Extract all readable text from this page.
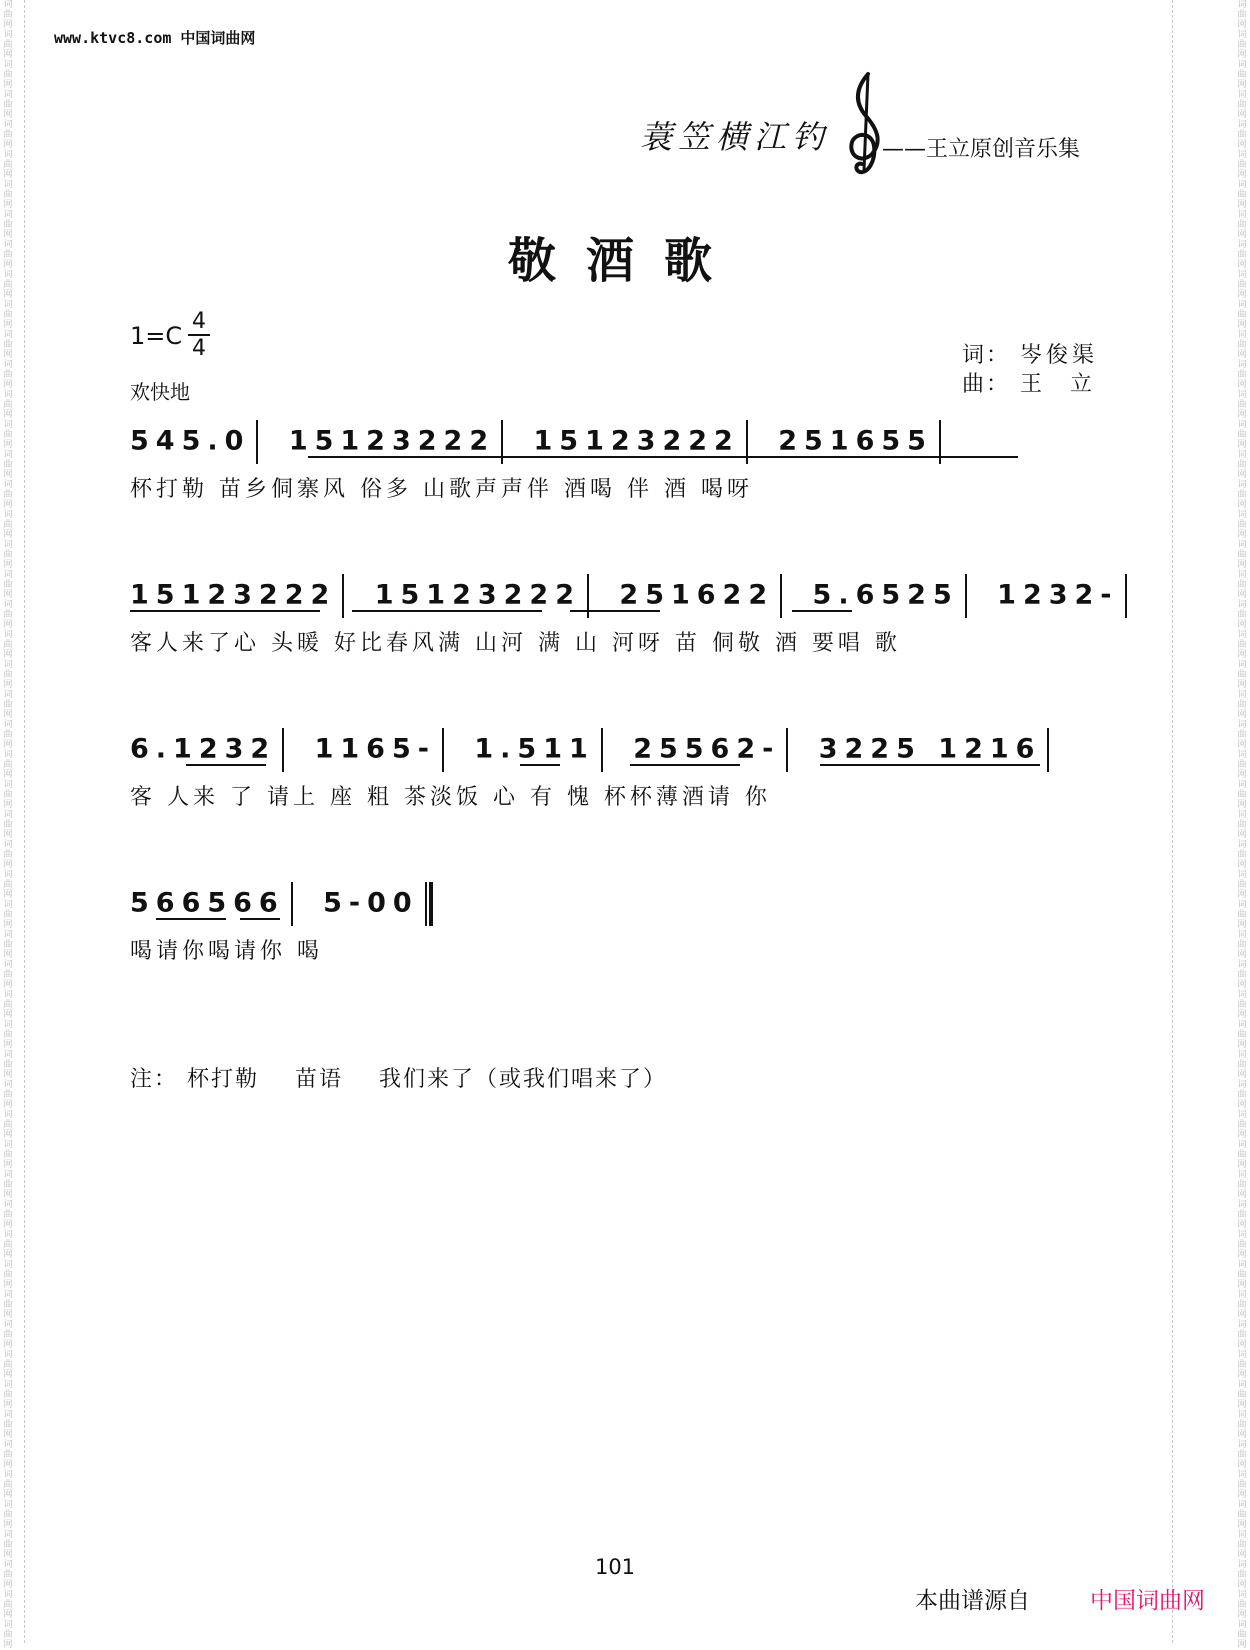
词曲网词曲网词曲网词曲网词曲网词曲网词曲网词曲网词曲网词曲网词曲网词曲网词曲网词曲网词曲网词曲网词曲网词曲网词曲网词曲网词曲网词曲网词曲网词曲网词曲网词曲网词曲网词曲网词曲网词曲网词曲网词曲网词曲网词曲网词曲网词曲网词曲网词曲网词曲网词曲网词曲网词曲网词曲网词曲网词曲网词曲网词曲网词曲网词曲网词曲网词曲网词曲网词曲网词曲网词曲网
词曲网词曲网词曲网词曲网词曲网词曲网词曲网词曲网词曲网词曲网词曲网词曲网词曲网词曲网词曲网词曲网词曲网词曲网词曲网词曲网词曲网词曲网词曲网词曲网词曲网词曲网词曲网词曲网词曲网词曲网词曲网词曲网词曲网词曲网词曲网词曲网词曲网词曲网词曲网词曲网词曲网词曲网词曲网词曲网词曲网词曲网词曲网词曲网词曲网词曲网词曲网词曲网词曲网词曲网词曲网
www.ktvc8.com 中国词曲网
蓑笠横江钓 ——王立原创音乐集
敬酒歌
1=C
4
4
欢快地
词： 岑俊渠
曲： 王立
545.0 15123222 15123222 251655
杯打勒 苗乡侗寨风 俗多 山歌声声伴 酒喝 伴 酒 喝呀
15123222 15123222 251622 5.6525 1232-
客人来了心 头暖 好比春风满 山河 满 山 河呀 苗 侗敬 酒 要唱 歌
6.1232 1165- 1.511 25562- 3225 1216
客 人来 了 请上 座 粗 茶淡饭 心 有 愧 杯杯薄酒请 你
566566 5-00
喝请你喝请你 喝
注： 杯打勒    苗语    我们来了（或我们唱来了）
101
本曲谱源自	中国词曲网
